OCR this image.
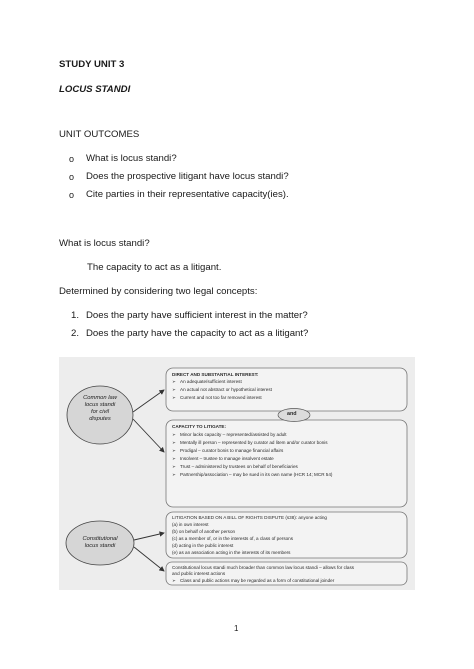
STUDY UNIT 3
LOCUS STANDI
UNIT OUTCOMES
o What is locus standi?
o Does the prospective litigant have locus standi?
o Cite parties in their representative capacity(ies).
What is locus standi?
The capacity to act as a litigant.
Determined by considering two legal concepts:
1. Does the party have sufficient interest in the matter?
2. Does the party have the capacity to act as a litigant?
Common law
locus standi
for civil
disputes
Constitutional
locus standi
and
DIRECT AND SUBSTANTIAL INTEREST:
➢ An adequate/sufficient interest
➢ An actual not abstract or hypothetical interest
➢ Current and not too far removed interest
CAPACITY TO LITIGATE:
➢ Minor lacks capacity – represented/assisted by adult
➢ Mentally ill person – represented by curator ad litem and/or curator bonis
➢ Prodigal – curator bonis to manage financial affairs
➢ Insolvent – trustee to manage insolvent estate
➢ Trust – administered by trustees on behalf of beneficiaries
➢ Partnership/association – may be sued in its own name (HCR 14; MCR 54)
LITIGATION BASED ON A BILL OF RIGHTS DISPUTE (s38): anyone acting
(a) in own interest
(b) on behalf of another person
(c) as a member of, or in the interests of, a class of persons
(d) acting in the public interest
(e) as an association acting in the interests of its members
Constitutional locus standi much broader than common law locus standi – allows for class
and public interest actions
➢ Class and public actions may be regarded as a form of constitutional joinder
1
